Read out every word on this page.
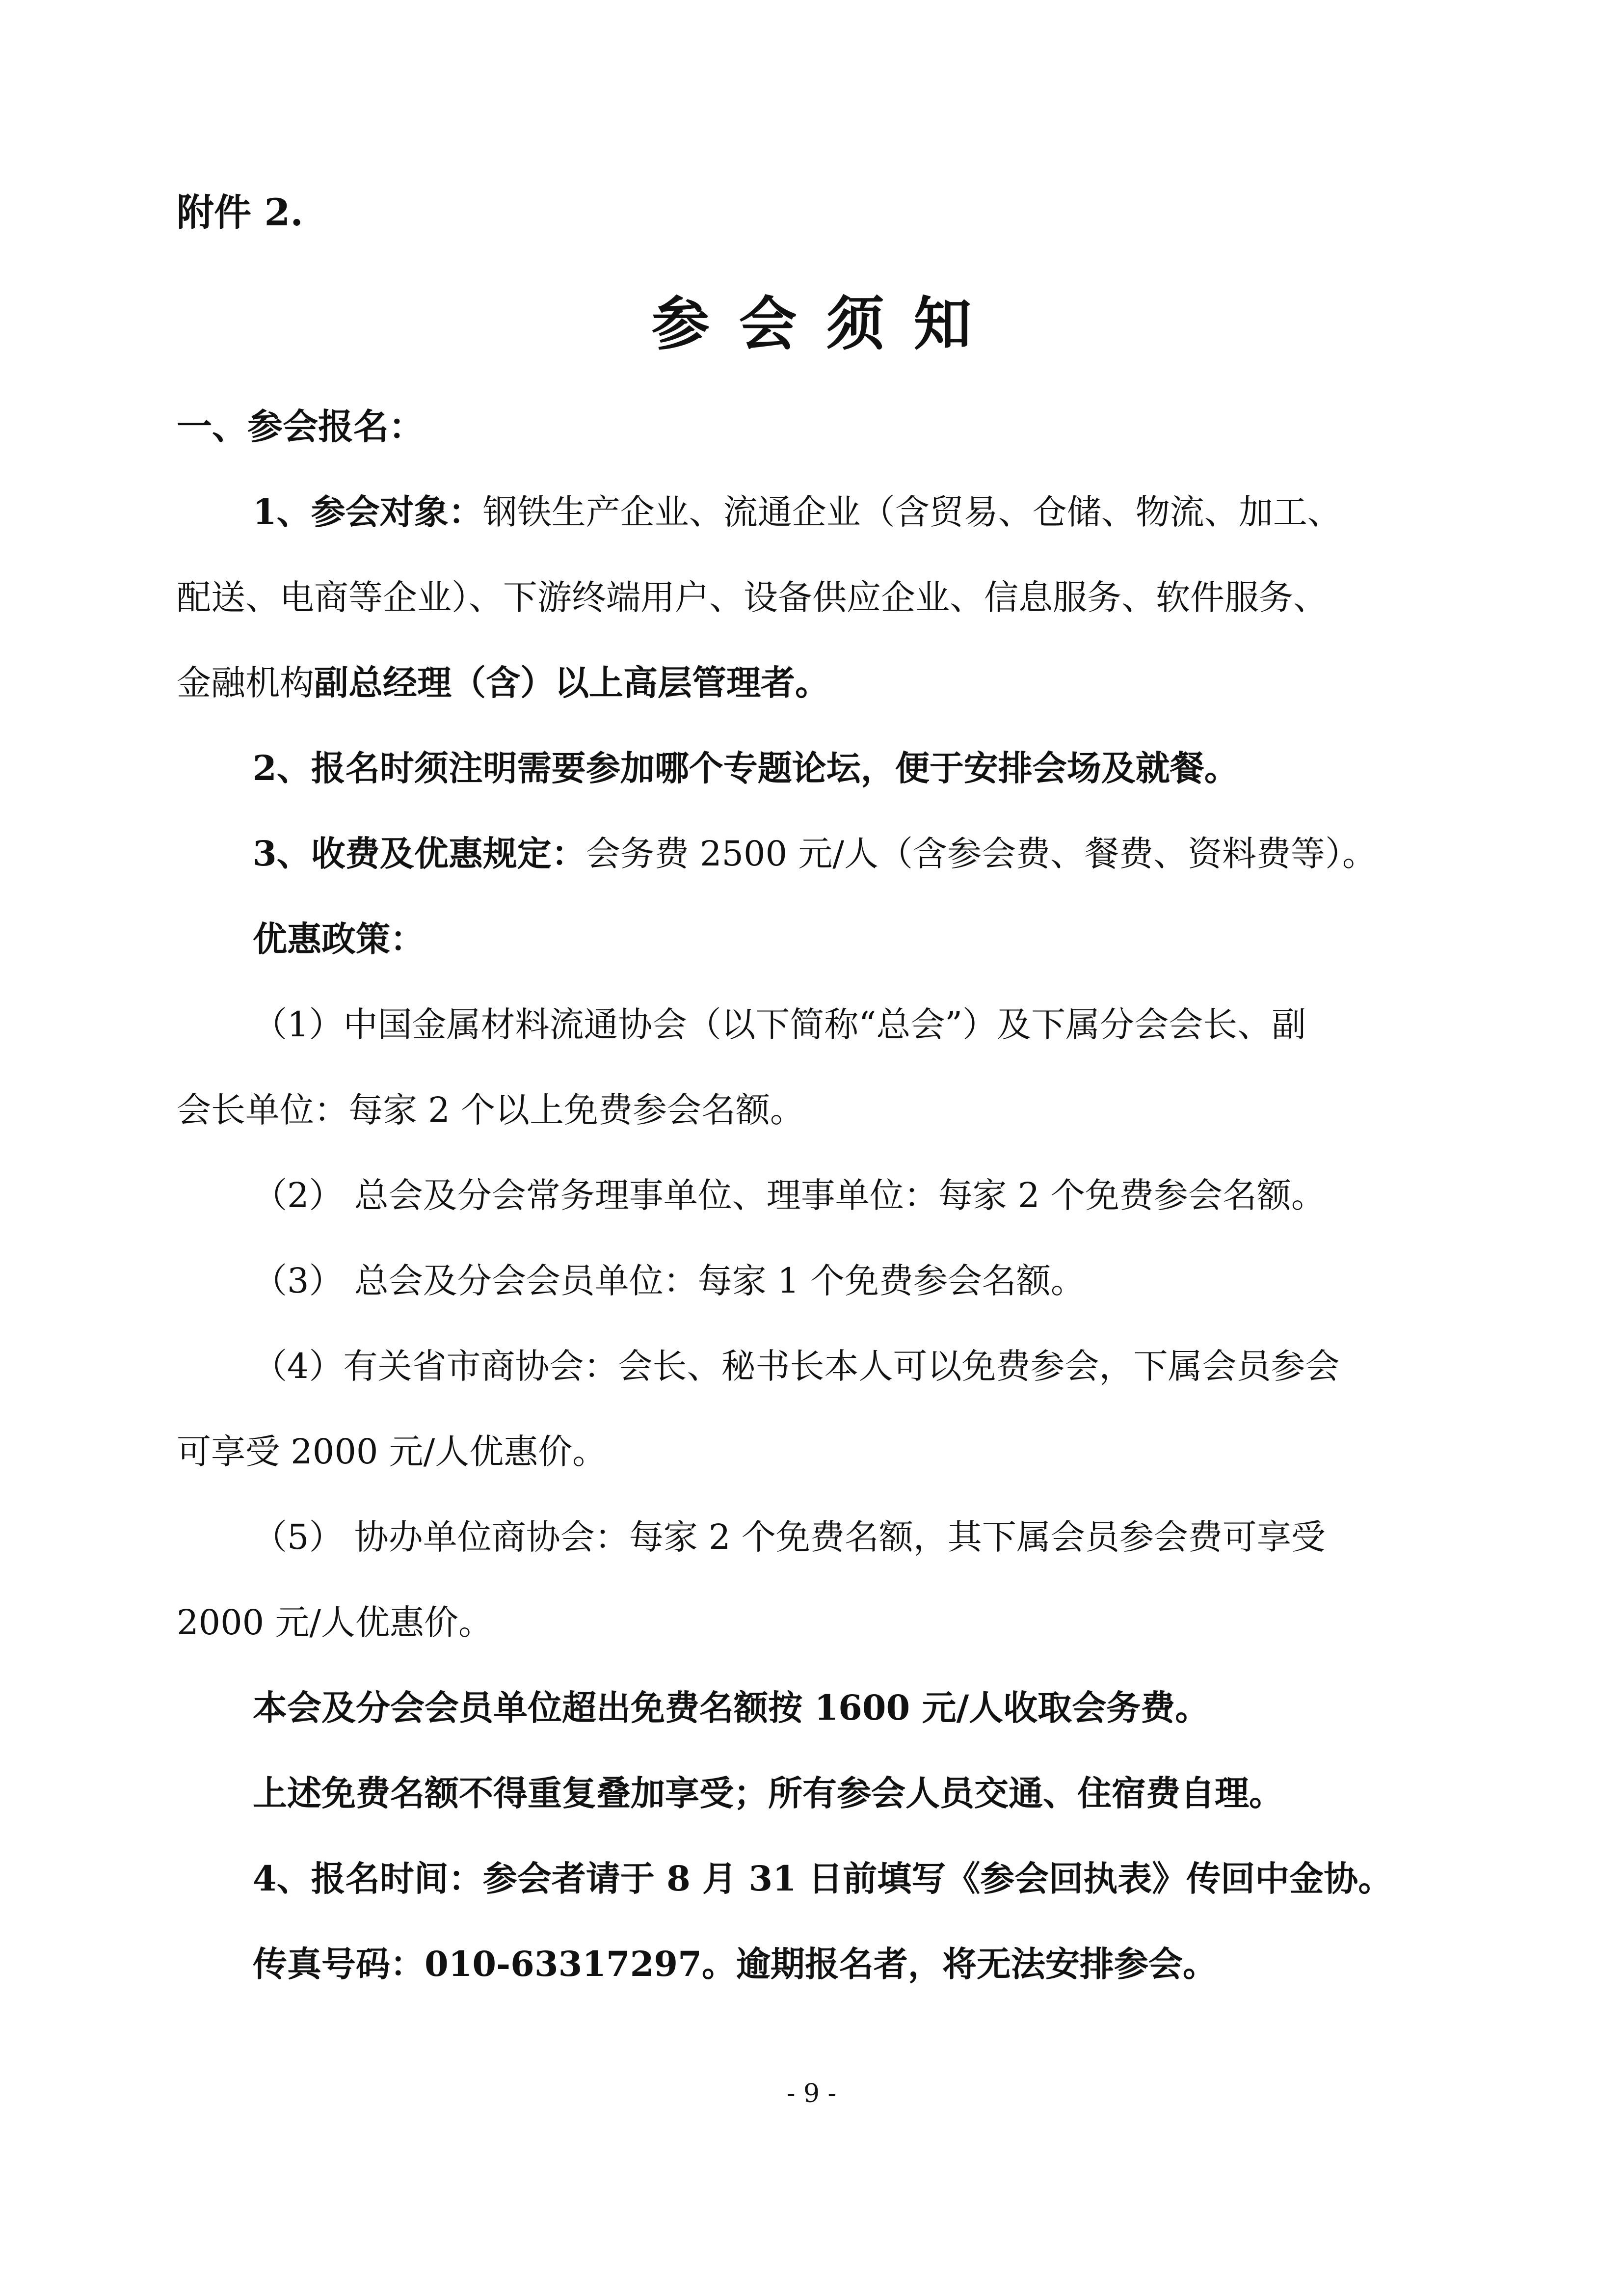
附件 2.
参会须知
一、参会报名：
1、参会对象：钢铁生产企业、流通企业（含贸易、仓储、物流、加工、
配送、电商等企业）、下游终端用户、设备供应企业、信息服务、软件服务、
金融机构副总经理（含）以上高层管理者。
2、报名时须注明需要参加哪个专题论坛，便于安排会场及就餐。
3、收费及优惠规定：会务费 2500 元/人（含参会费、餐费、资料费等）。
优惠政策：
（1）中国金属材料流通协会（以下简称“总会”）及下属分会会长、副
会长单位：每家 2 个以上免费参会名额。
（2） 总会及分会常务理事单位、理事单位：每家 2 个免费参会名额。
（3） 总会及分会会员单位：每家 1 个免费参会名额。
（4）有关省市商协会：会长、秘书长本人可以免费参会，下属会员参会
可享受 2000 元/人优惠价。
（5） 协办单位商协会：每家 2 个免费名额，其下属会员参会费可享受
2000 元/人优惠价。
本会及分会会员单位超出免费名额按 1600 元/人收取会务费。
上述免费名额不得重复叠加享受；所有参会人员交通、住宿费自理。
4、报名时间：参会者请于 8 月 31 日前填写《参会回执表》传回中金协。
传真号码：010-63317297。逾期报名者，将无法安排参会。
- 9 -
